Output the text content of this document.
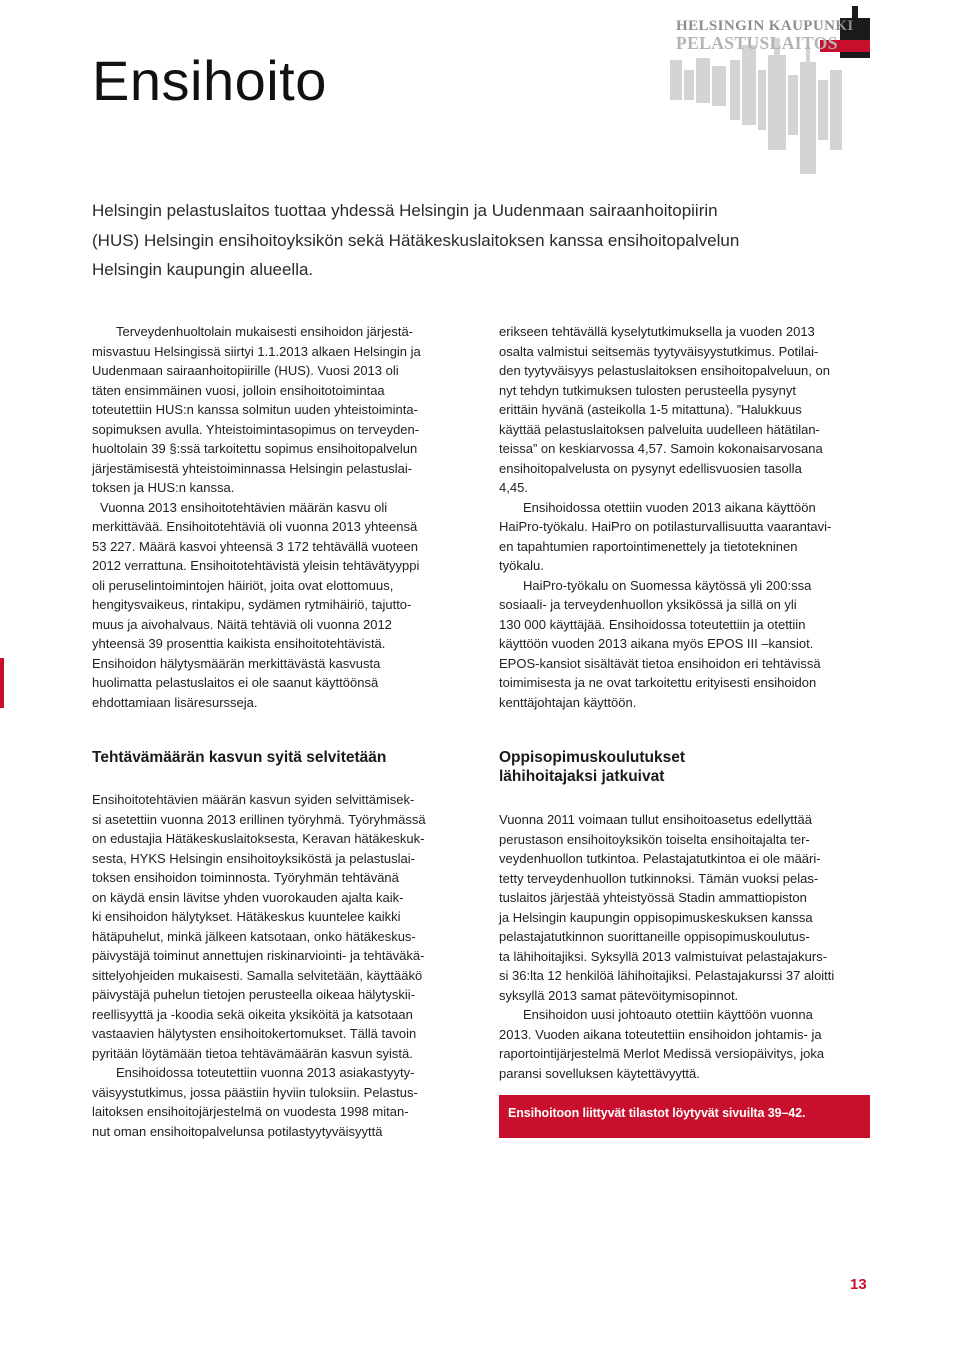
HELSINGIN KAUPUNKI
PELASTUSLAITOS
Ensihoito

Helsingin pelastuslaitos tuottaa yhdessä Helsingin ja Uudenmaan sairaanhoitopiirin
(HUS) Helsingin ensihoitoyksikön sekä Hätäkeskuslaitoksen kanssa ensihoitopalvelun
Helsingin kaupungin alueella.

Terveydenhuoltolain mukaisesti ensihoidon järjestä-

misvastuu Helsingissä siirtyi 1.1.2013 alkaen Helsingin ja

Uudenmaan sairaanhoitopiirille (HUS). Vuosi 2013 oli

täten ensimmäinen vuosi, jolloin ensihoitotoimintaa

toteutettiin HUS:n kanssa solmitun uuden yhteistoiminta-

sopimuksen avulla. Yhteistoimintasopimus on terveyden-

huoltolain 39 §:ssä tarkoitettu sopimus ensihoitopalvelun

järjestämisestä yhteistoiminnassa Helsingin pelastuslai-

toksen ja HUS:n kanssa.

Vuonna 2013 ensihoitotehtävien määrän kasvu oli

merkittävää. Ensihoitotehtäviä oli vuonna 2013 yhteensä

53 227. Määrä kasvoi yhteensä 3 172 tehtävällä vuoteen

2012 verrattuna. Ensihoitotehtävistä yleisin tehtävätyyppi

oli peruselintoimintojen häiriöt, joita ovat elottomuus,

hengitysvaikeus, rintakipu, sydämen rytmihäiriö, tajutto-

muus ja aivohalvaus. Näitä tehtäviä oli vuonna 2012

yhteensä 39 prosenttia kaikista ensihoitotehtävistä.

Ensihoidon hälytysmäärän merkittävästä kasvusta

huolimatta pelastuslaitos ei ole saanut käyttöönsä

ehdottamiaan lisäresursseja.

erikseen tehtävällä kyselytutkimuksella ja vuoden 2013

osalta valmistui seitsemäs tyytyväisyystutkimus. Potilai-

den tyytyväisyys pelastuslaitoksen ensihoitopalveluun, on

nyt tehdyn tutkimuksen tulosten perusteella pysynyt

erittäin hyvänä (asteikolla 1-5 mitattuna). ”Halukkuus

käyttää pelastuslaitoksen palveluita uudelleen hätätilan-

teissa” on keskiarvossa 4,57. Samoin kokonaisarvosana

ensihoitopalvelusta on pysynyt edellisvuosien tasolla

4,45.

Ensihoidossa otettiin vuoden 2013 aikana käyttöön

HaiPro-työkalu. HaiPro on potilasturvallisuutta vaarantavi-

en tapahtumien raportointimenettely ja tietotekninen

työkalu.

HaiPro-työkalu on Suomessa käytössä yli 200:ssa

sosiaali- ja terveydenhuollon yksikössä ja sillä on yli

130 000 käyttäjää. Ensihoidossa toteutettiin ja otettiin

käyttöön vuoden 2013 aikana myös EPOS III –kansiot.

EPOS-kansiot sisältävät tietoa ensihoidon eri tehtävissä

toimimisesta ja ne ovat tarkoitettu erityisesti ensihoidon

kenttäjohtajan käyttöön.

Tehtävämäärän kasvun syitä selvitetään	Oppisopimuskoulutukset
lähihoitajaksi jatkuivat

Ensihoitotehtävien määrän kasvun syiden selvittämisek-

si asetettiin vuonna 2013 erillinen työryhmä. Työryhmässä

on edustajia Hätäkeskuslaitoksesta, Keravan hätäkeskuk-

sesta, HYKS Helsingin ensihoitoyksiköstä ja pelastuslai-

toksen ensihoidon toiminnosta. Työryhmän tehtävänä

on käydä ensin lävitse yhden vuorokauden ajalta kaik-

ki ensihoidon hälytykset. Hätäkeskus kuuntelee kaikki

hätäpuhelut, minkä jälkeen katsotaan, onko hätäkeskus-

päivystäjä toiminut annettujen riskinarviointi- ja tehtäväkä-

sittelyohjeiden mukaisesti. Samalla selvitetään, käyttääkö

päivystäjä puhelun tietojen perusteella oikeaa hälytyskii-

reellisyyttä ja -koodia sekä oikeita yksiköitä ja katsotaan

vastaavien hälytysten ensihoitokertomukset. Tällä tavoin

pyritään löytämään tietoa tehtävämäärän kasvun syistä.

Ensihoidossa toteutettiin vuonna 2013 asiakastyyty-

väisyystutkimus, jossa päästiin hyviin tuloksiin. Pelastus-

laitoksen ensihoitojärjestelmä on vuodesta 1998 mitan-

nut oman ensihoitopalvelunsa potilastyytyväisyyttä

Vuonna 2011 voimaan tullut ensihoitoasetus edellyttää

perustason ensihoitoyksikön toiselta ensihoitajalta ter-

veydenhuollon tutkintoa. Pelastajatutkintoa ei ole määri-

tetty terveydenhuollon tutkinnoksi. Tämän vuoksi pelas-

tuslaitos järjestää yhteistyössä Stadin ammattiopiston

ja Helsingin kaupungin oppisopimuskeskuksen kanssa

pelastajatutkinnon suorittaneille oppisopimuskoulutus-

ta lähihoitajiksi. Syksyllä 2013 valmistuivat pelastajakurs-

si 36:lta 12 henkilöä lähihoitajiksi. Pelastajakurssi 37 aloitti

syksyllä 2013 samat pätevöitymisopinnot.

Ensihoidon uusi johtoauto otettiin käyttöön vuonna

2013. Vuoden aikana toteutettiin ensihoidon johtamis- ja

raportointijärjestelmä Merlot Medissä versiopäivitys, joka

paransi sovelluksen käytettävyyttä.

Ensihoitoon liittyvät tilastot löytyvät sivuilta 39–42.
13
